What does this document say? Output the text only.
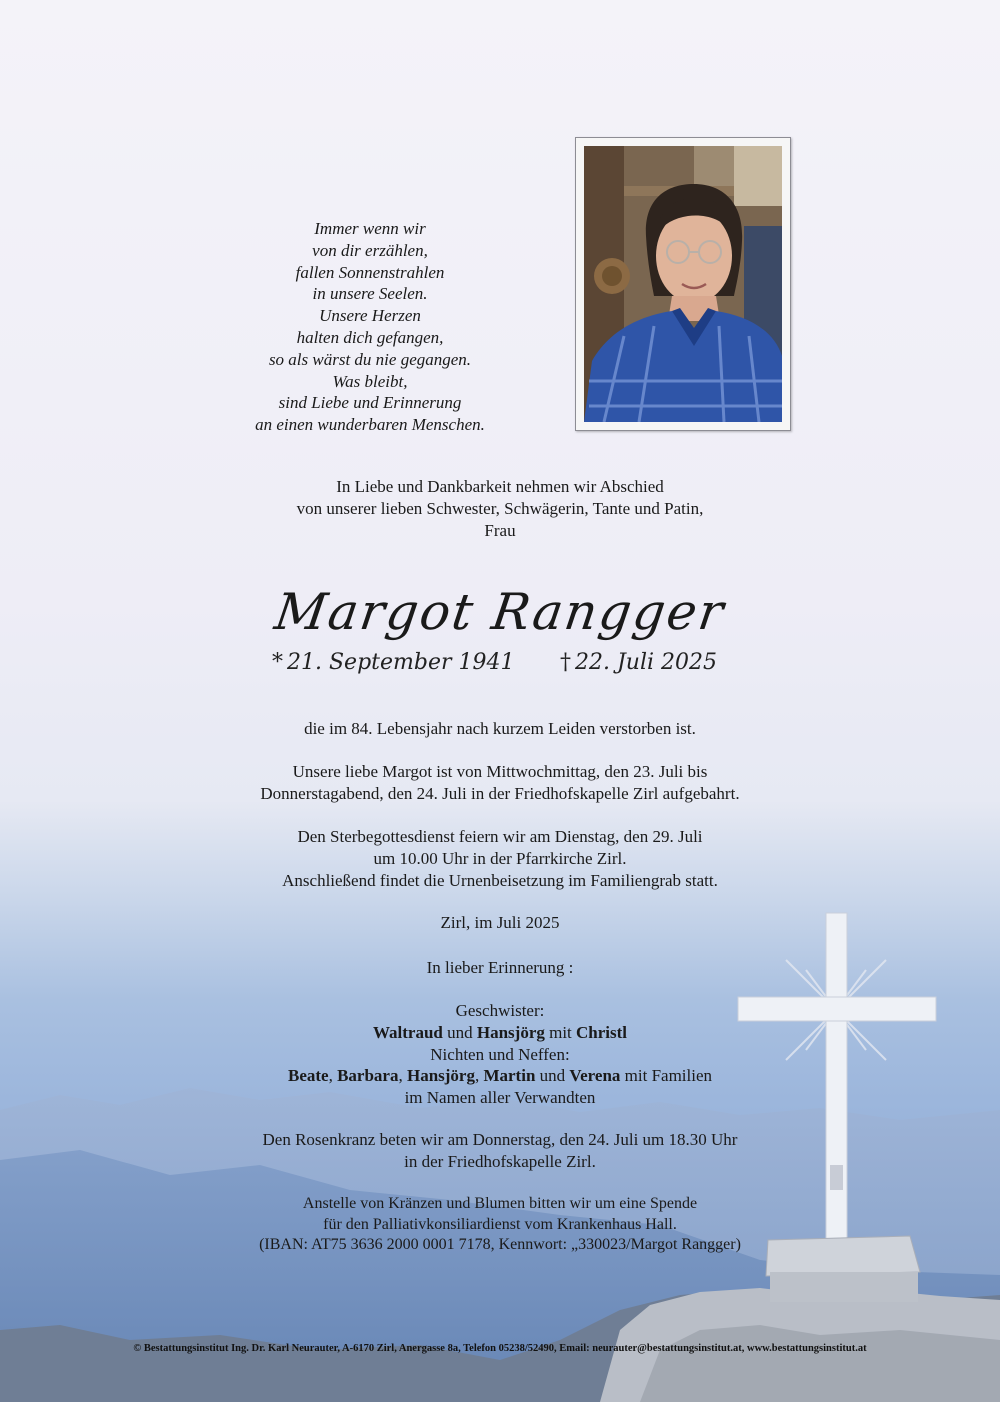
Immer wenn wir
von dir erzählen,
fallen Sonnenstrahlen
in unsere Seelen.
Unsere Herzen
halten dich gefangen,
so als wärst du nie gegangen.
Was bleibt,
sind Liebe und Erinnerung
an einen wunderbaren Menschen.

In Liebe und Dankbarkeit nehmen wir Abschied

von unserer lieben Schwester, Schwägerin, Tante und Patin,

Frau

Margot Rangger
* 21. September 1941 † 22. Juli 2025

die im 84. Lebensjahr nach kurzem Leiden verstorben ist.

Unsere liebe Margot ist von Mittwochmittag, den 23. Juli bis

Donnerstagabend, den 24. Juli in der Friedhofskapelle Zirl aufgebahrt.

Den Sterbegottesdienst feiern wir am Dienstag, den 29. Juli

um 10.00 Uhr in der Pfarrkirche Zirl.

Anschließend findet die Urnenbeisetzung im Familiengrab statt.

Zirl, im Juli 2025

In lieber Erinnerung :

Geschwister:

Waltraud und Hansjörg mit Christl

Nichten und Neffen:

Beate, Barbara, Hansjörg, Martin und Verena mit Familien

im Namen aller Verwandten

Den Rosenkranz beten wir am Donnerstag, den 24. Juli um 18.30 Uhr

in der Friedhofskapelle Zirl.

Anstelle von Kränzen und Blumen bitten wir um eine Spende

für den Palliativkonsiliardienst vom Krankenhaus Hall.

(IBAN: AT75 3636 2000 0001 7178, Kennwort: „330023/Margot Rangger)

© Bestattungsinstitut Ing. Dr. Karl Neurauter, A-6170 Zirl, Anergasse 8a, Telefon 05238/52490, Email: neurauter@bestattungsinstitut.at, www.bestattungsinstitut.at
